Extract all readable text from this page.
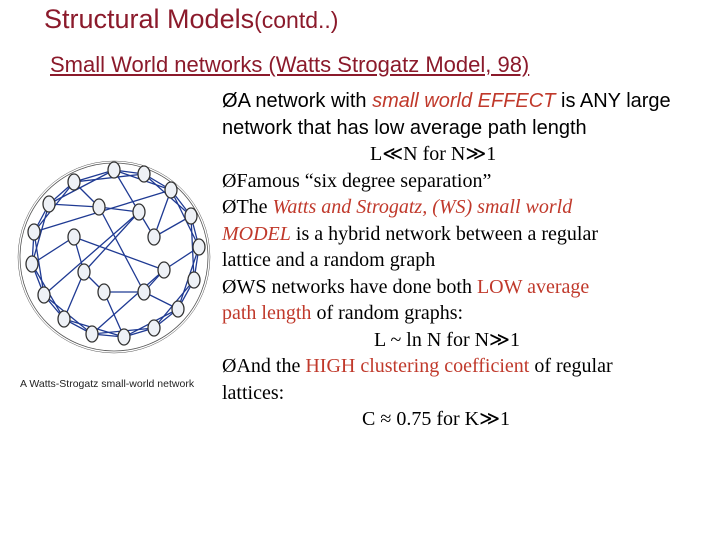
Structural Models(contd..)
Small World networks (Watts Strogatz Model, 98)
A Watts-Strogatz small-world network
ØA network with small world EFFECT is ANY large
network that has low average path length
L≪N for N≫1
ØFamous “six degree separation”
ØThe Watts and Strogatz, (WS) small world
MODEL is a hybrid network between a regular
lattice and a random graph
ØWS networks have done both LOW average
path length of random graphs:
L ~ ln N for N≫1
ØAnd the HIGH clustering coefficient of regular
lattices:
C ≈ 0.75 for K≫1
